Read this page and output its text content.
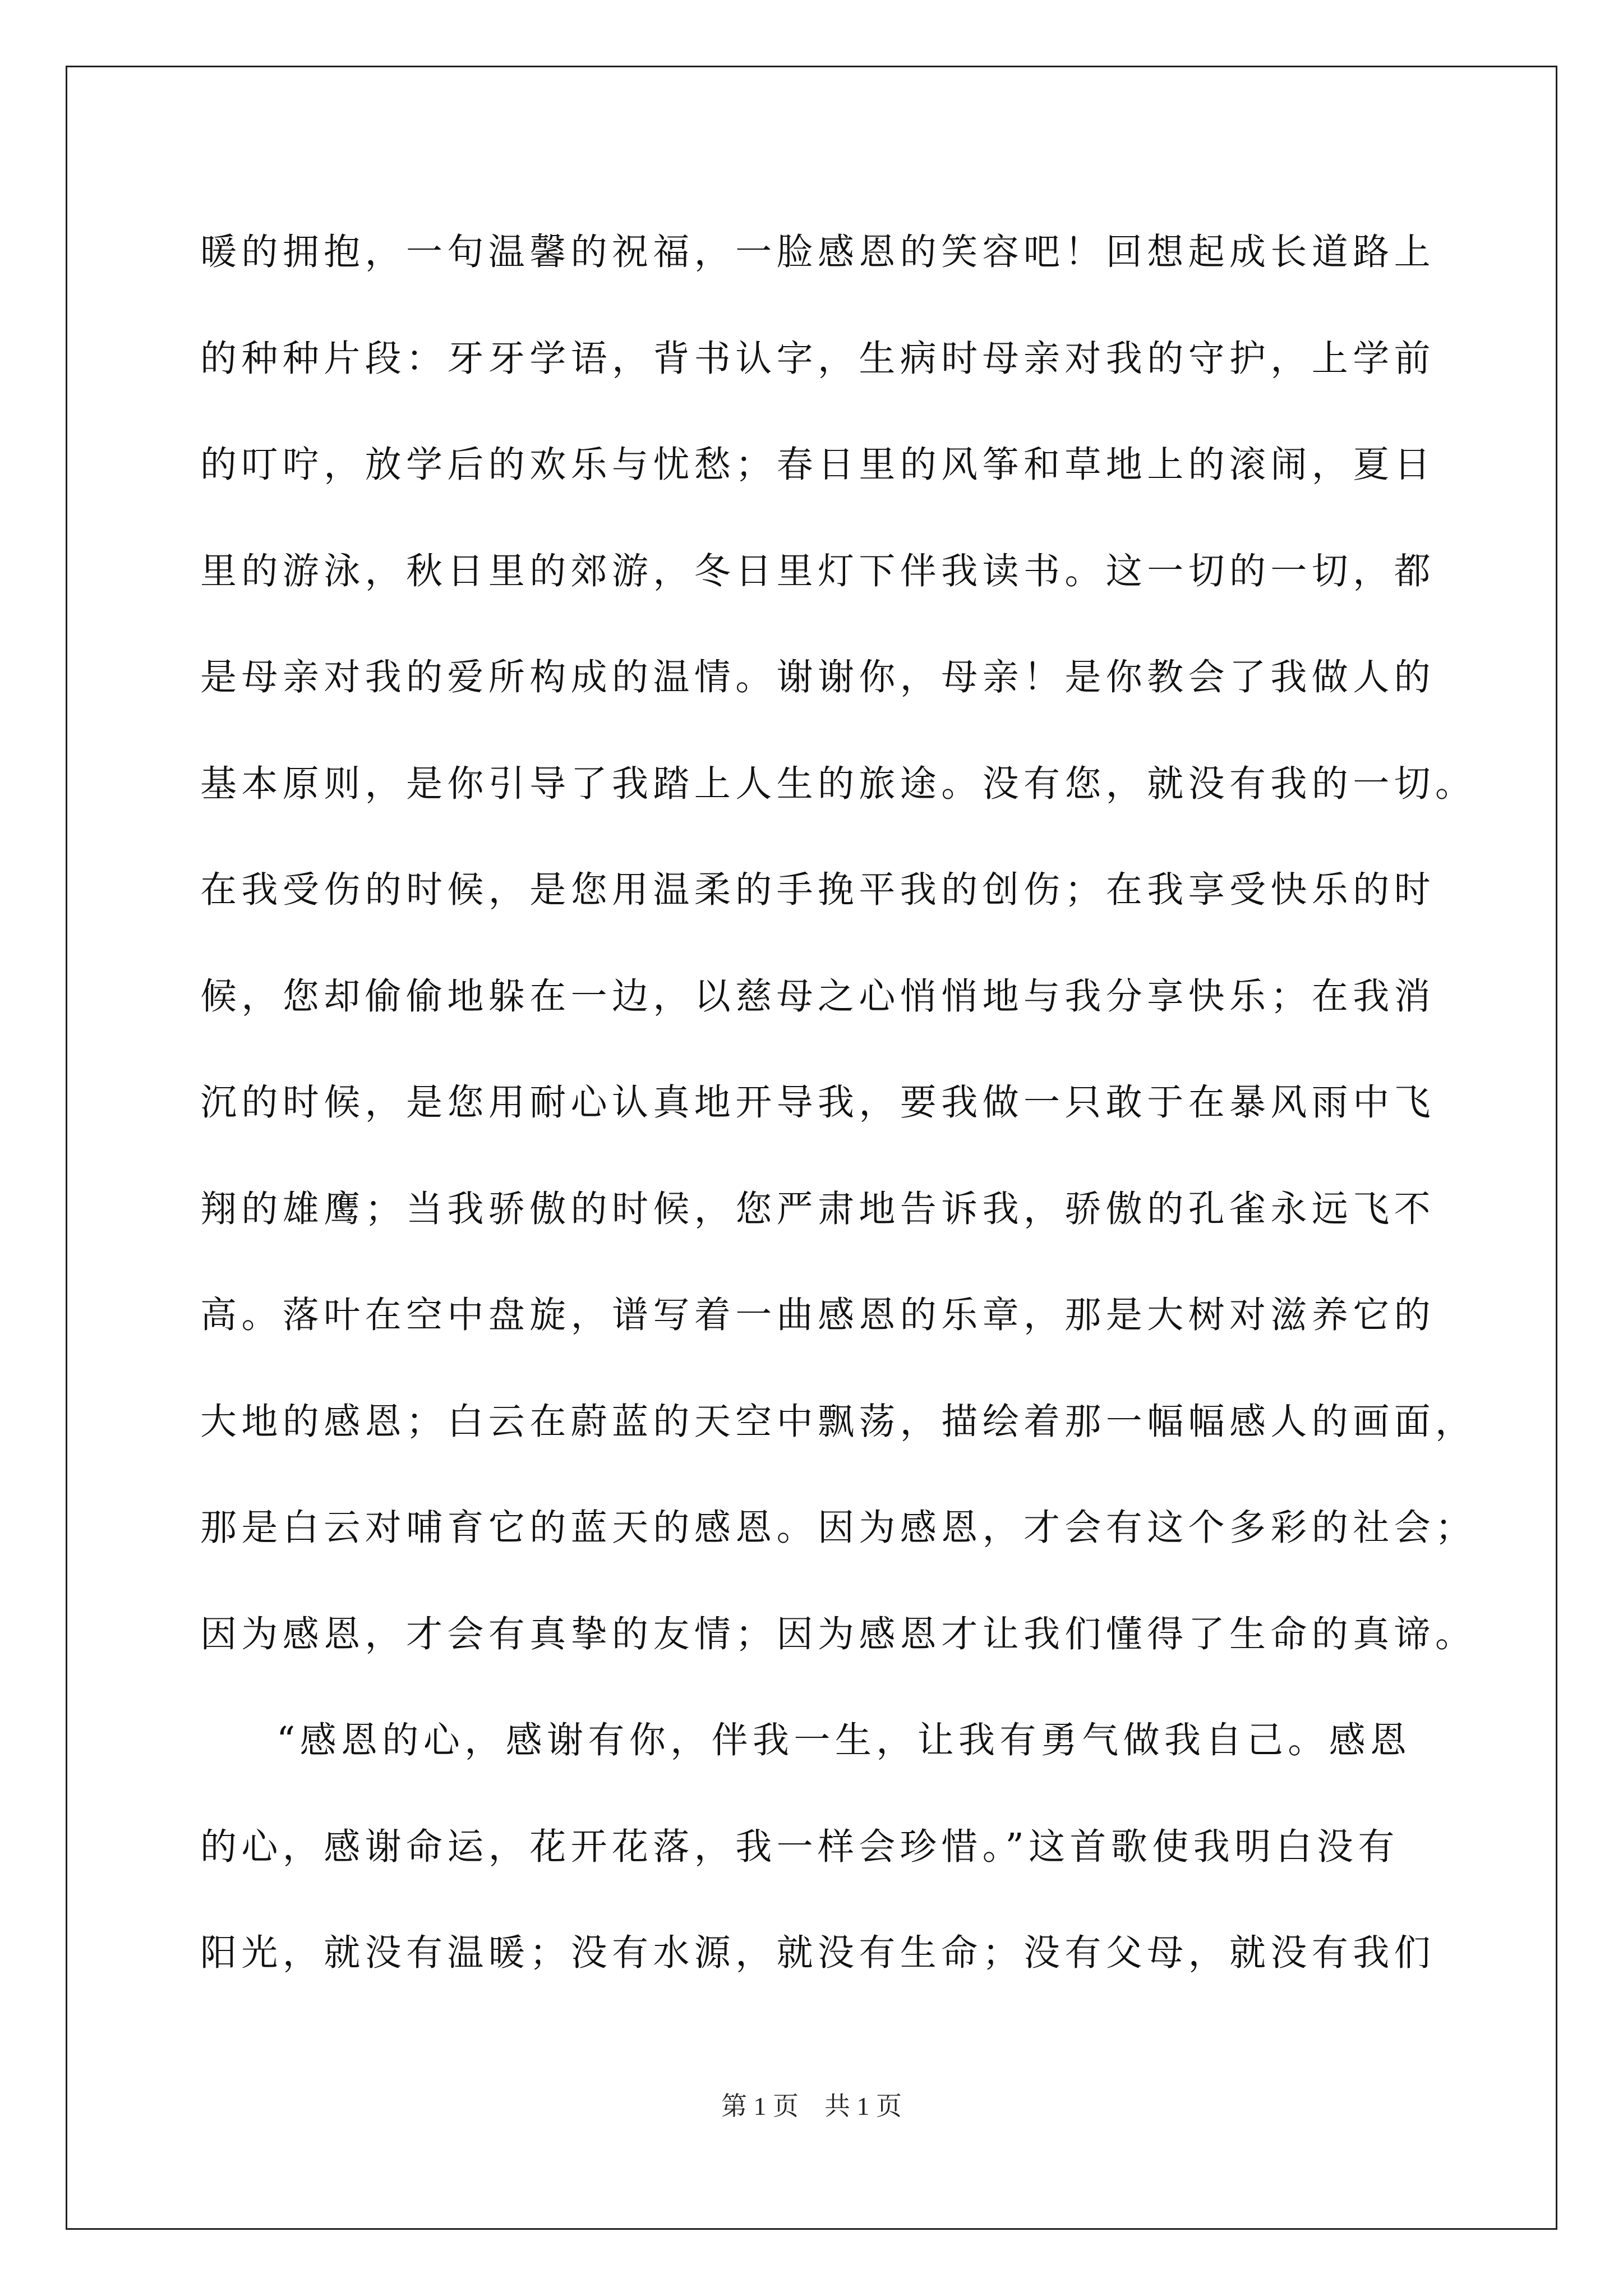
暖的拥抱，一句温馨的祝福，一脸感恩的笑容吧！回想起成长道路上
的种种片段：牙牙学语，背书认字，生病时母亲对我的守护，上学前
的叮咛，放学后的欢乐与忧愁；春日里的风筝和草地上的滚闹，夏日
里的游泳，秋日里的郊游，冬日里灯下伴我读书。这一切的一切，都
是母亲对我的爱所构成的温情。谢谢你，母亲！是你教会了我做人的
基本原则，是你引导了我踏上人生的旅途。没有您，就没有我的一切。
在我受伤的时候，是您用温柔的手挽平我的创伤；在我享受快乐的时
候，您却偷偷地躲在一边，以慈母之心悄悄地与我分享快乐；在我消
沉的时候，是您用耐心认真地开导我，要我做一只敢于在暴风雨中飞
翔的雄鹰；当我骄傲的时候，您严肃地告诉我，骄傲的孔雀永远飞不
高。落叶在空中盘旋，谱写着一曲感恩的乐章，那是大树对滋养它的
大地的感恩；白云在蔚蓝的天空中飘荡，描绘着那一幅幅感人的画面，
那是白云对哺育它的蓝天的感恩。因为感恩，才会有这个多彩的社会；
因为感恩，才会有真挚的友情；因为感恩才让我们懂得了生命的真谛。
“感恩的心，感谢有你，伴我一生，让我有勇气做我自己。感恩
的心，感谢命运，花开花落，我一样会珍惜。”这首歌使我明白没有
阳光，就没有温暖；没有水源，就没有生命；没有父母，就没有我们
第 1 页    共 1 页
